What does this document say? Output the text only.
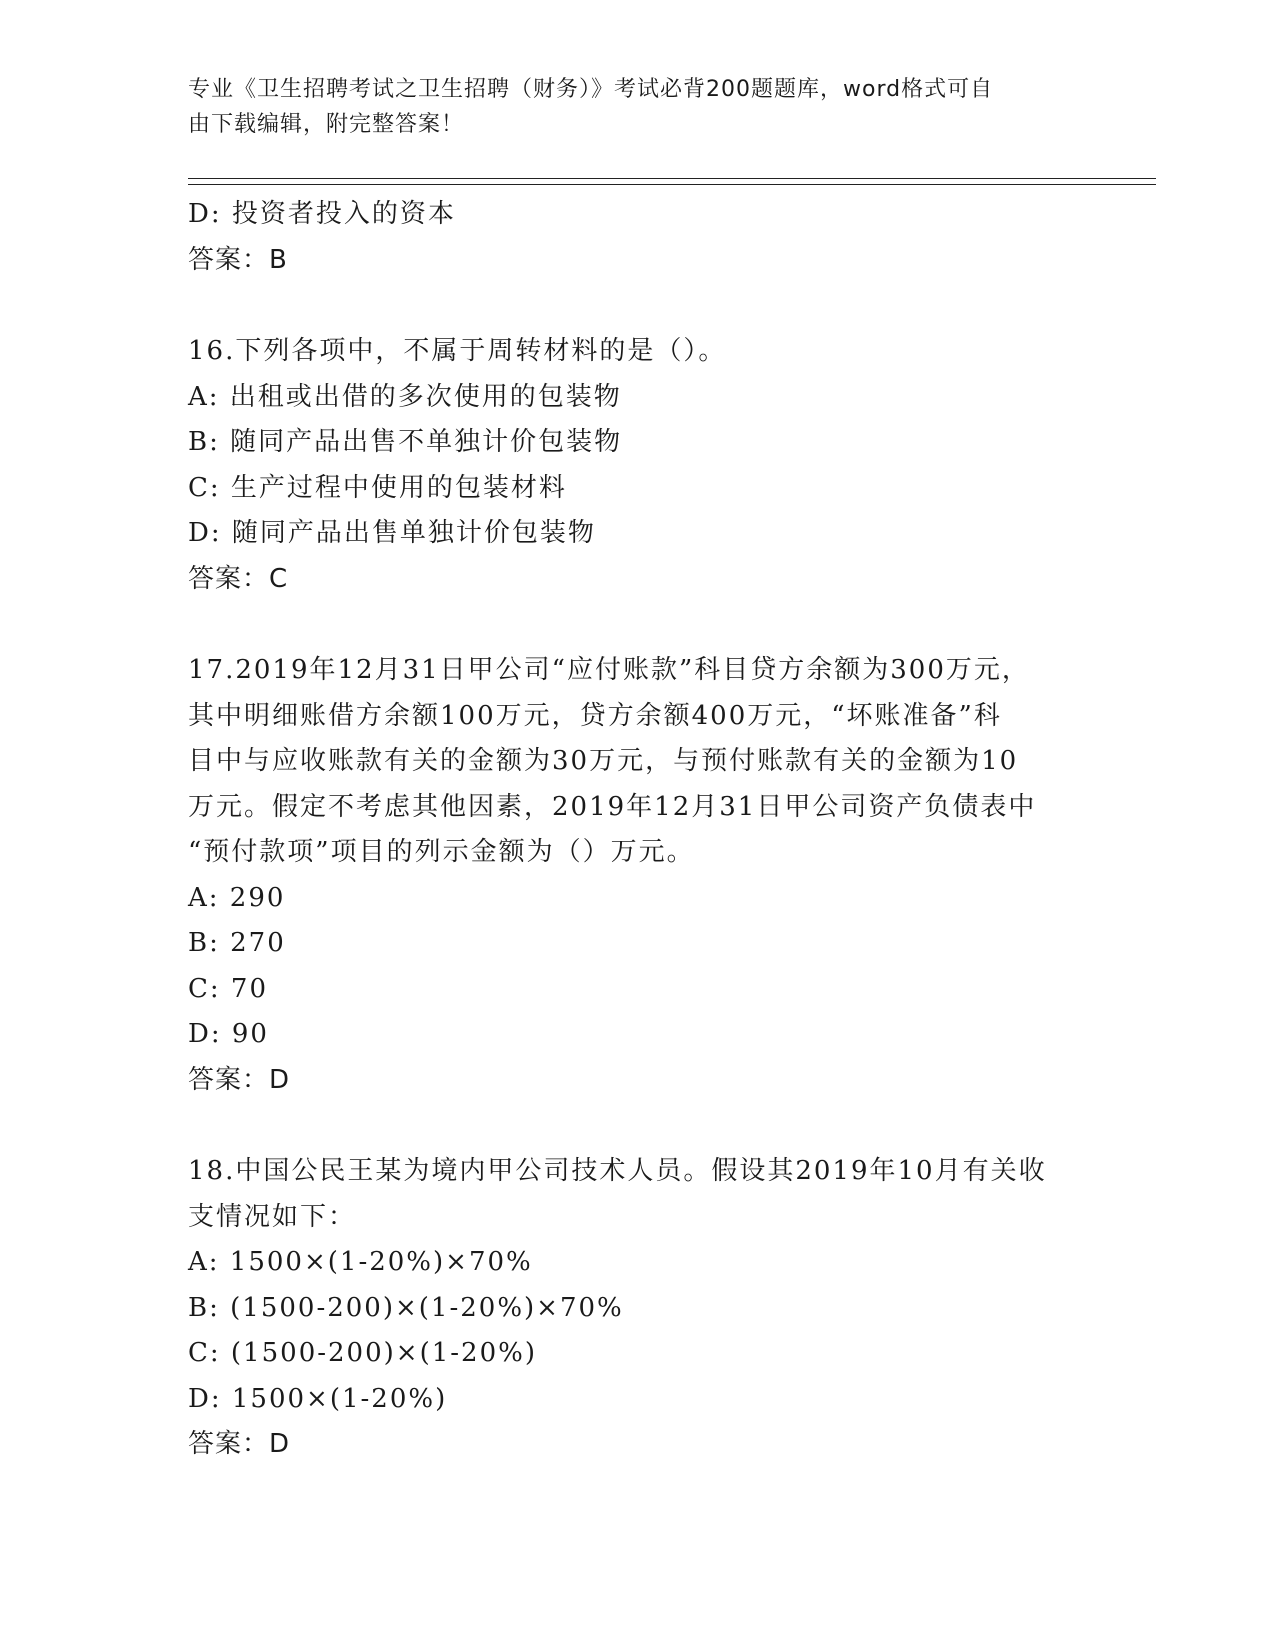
专业《卫生招聘考试之卫生招聘（财务）》考试必背200题题库，word格式可自
由下载编辑，附完整答案！
D: 投资者投入的资本
答案：B
16.下列各项中，不属于周转材料的是（）。
A: 出租或出借的多次使用的包装物
B: 随同产品出售不单独计价包装物
C: 生产过程中使用的包装材料
D: 随同产品出售单独计价包装物
答案：C
17.2019年12月31日甲公司“应付账款”科目贷方余额为300万元，
其中明细账借方余额100万元，贷方余额400万元，“坏账准备”科
目中与应收账款有关的金额为30万元，与预付账款有关的金额为10
万元。假定不考虑其他因素，2019年12月31日甲公司资产负债表中
“预付款项”项目的列示金额为（）万元。
A: 290
B: 270
C: 70
D: 90
答案：D
18.中国公民王某为境内甲公司技术人员。假设其2019年10月有关收
支情况如下：
A: 1500×(1-20%)×70%
B: (1500-200)×(1-20%)×70%
C: (1500-200)×(1-20%)
D: 1500×(1-20%)
答案：D
